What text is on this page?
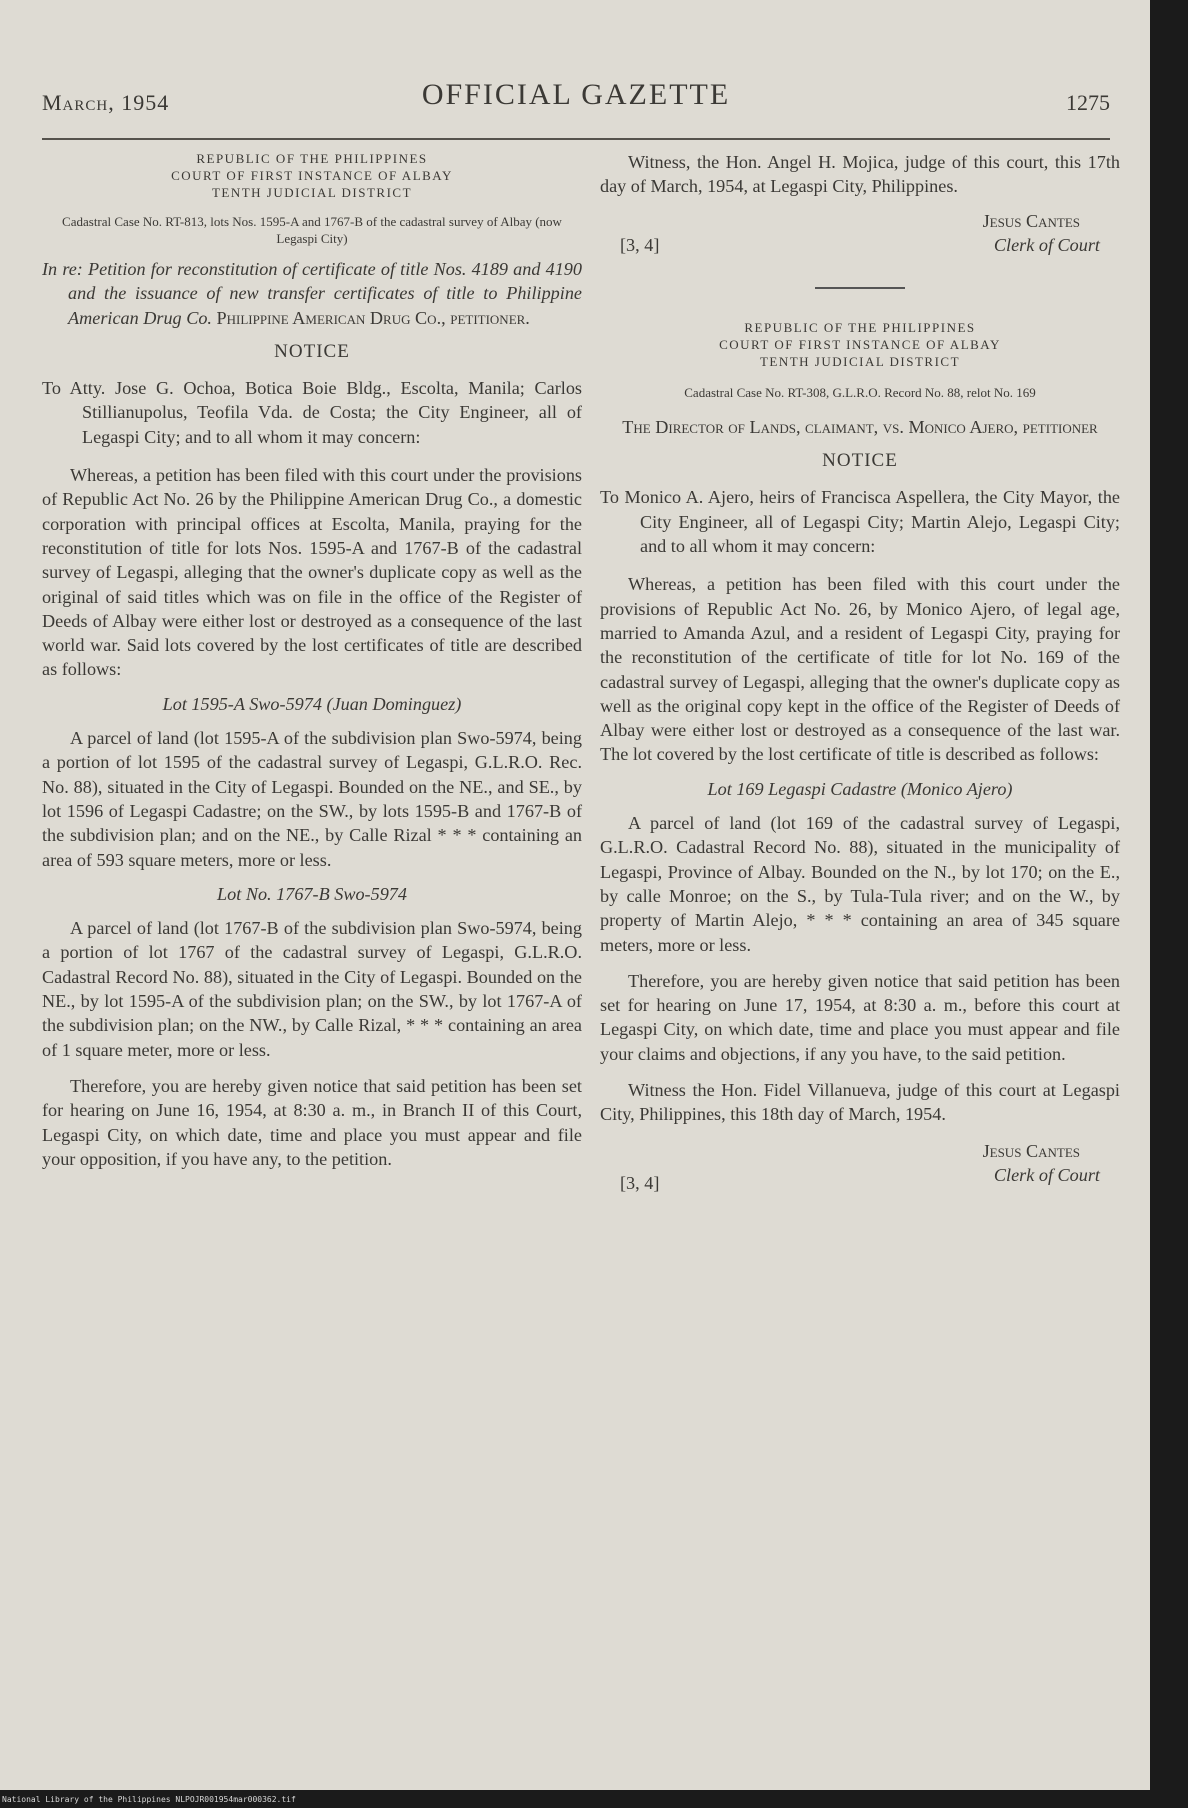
March, 1954	OFFICIAL GAZETTE	1275
REPUBLIC OF THE PHILIPPINES
COURT OF FIRST INSTANCE OF ALBAY
TENTH JUDICIAL DISTRICT

Cadastral Case No. RT-813, lots Nos. 1595-A and 1767-B of the cadastral survey of Albay (now Legaspi City)

In re: Petition for reconstitution of certificate of title Nos. 4189 and 4190 and the issuance of new transfer certificates of title to Philippine American Drug Co. Philippine American Drug Co., petitioner.

NOTICE

To Atty. Jose G. Ochoa, Botica Boie Bldg., Escolta, Manila; Carlos Stillianupolus, Teofila Vda. de Costa; the City Engineer, all of Legaspi City; and to all whom it may concern:

Whereas, a petition has been filed with this court under the provisions of Republic Act No. 26 by the Philippine American Drug Co., a domestic corporation with principal offices at Escolta, Manila, praying for the reconstitution of title for lots Nos. 1595-A and 1767-B of the cadastral survey of Legaspi, alleging that the owner's duplicate copy as well as the original of said titles which was on file in the office of the Register of Deeds of Albay were either lost or destroyed as a consequence of the last world war. Said lots covered by the lost certificates of title are described as follows:

Lot 1595-A Swo-5974 (Juan Dominguez)

A parcel of land (lot 1595-A of the subdivision plan Swo-5974, being a portion of lot 1595 of the cadastral survey of Legaspi, G.L.R.O. Rec. No. 88), situated in the City of Legaspi. Bounded on the NE., and SE., by lot 1596 of Legaspi Cadastre; on the SW., by lots 1595-B and 1767-B of the subdivision plan; and on the NE., by Calle Rizal * * * containing an area of 593 square meters, more or less.

Lot No. 1767-B Swo-5974

A parcel of land (lot 1767-B of the subdivision plan Swo-5974, being a portion of lot 1767 of the cadastral survey of Legaspi, G.L.R.O. Cadastral Record No. 88), situated in the City of Legaspi. Bounded on the NE., by lot 1595-A of the subdivision plan; on the SW., by lot 1767-A of the subdivision plan; on the NW., by Calle Rizal, * * * containing an area of 1 square meter, more or less.

Therefore, you are hereby given notice that said petition has been set for hearing on June 16, 1954, at 8:30 a. m., in Branch II of this Court, Legaspi City, on which date, time and place you must appear and file your opposition, if you have any, to the petition.

Witness, the Hon. Angel H. Mojica, judge of this court, this 17th day of March, 1954, at Legaspi City, Philippines.

Jesus Cantes
[3, 4]	Clerk of Court
REPUBLIC OF THE PHILIPPINES
COURT OF FIRST INSTANCE OF ALBAY
TENTH JUDICIAL DISTRICT

Cadastral Case No. RT-308, G.L.R.O. Record No. 88, relot No. 169

The Director of Lands, claimant, vs. Monico Ajero, petitioner

NOTICE

To Monico A. Ajero, heirs of Francisca Aspellera, the City Mayor, the City Engineer, all of Legaspi City; Martin Alejo, Legaspi City; and to all whom it may concern:

Whereas, a petition has been filed with this court under the provisions of Republic Act No. 26, by Monico Ajero, of legal age, married to Amanda Azul, and a resident of Legaspi City, praying for the reconstitution of the certificate of title for lot No. 169 of the cadastral survey of Legaspi, alleging that the owner's duplicate copy as well as the original copy kept in the office of the Register of Deeds of Albay were either lost or destroyed as a consequence of the last war. The lot covered by the lost certificate of title is described as follows:

Lot 169 Legaspi Cadastre (Monico Ajero)

A parcel of land (lot 169 of the cadastral survey of Legaspi, G.L.R.O. Cadastral Record No. 88), situated in the municipality of Legaspi, Province of Albay. Bounded on the N., by lot 170; on the E., by calle Monroe; on the S., by Tula-Tula river; and on the W., by property of Martin Alejo, * * * containing an area of 345 square meters, more or less.

Therefore, you are hereby given notice that said petition has been set for hearing on June 17, 1954, at 8:30 a. m., before this court at Legaspi City, on which date, time and place you must appear and file your claims and objections, if any you have, to the said petition.

Witness the Hon. Fidel Villanueva, judge of this court at Legaspi City, Philippines, this 18th day of March, 1954.

Jesus Cantes
[3, 4]	Clerk of Court
National Library of the Philippines NLPOJR001954mar000362.tif
